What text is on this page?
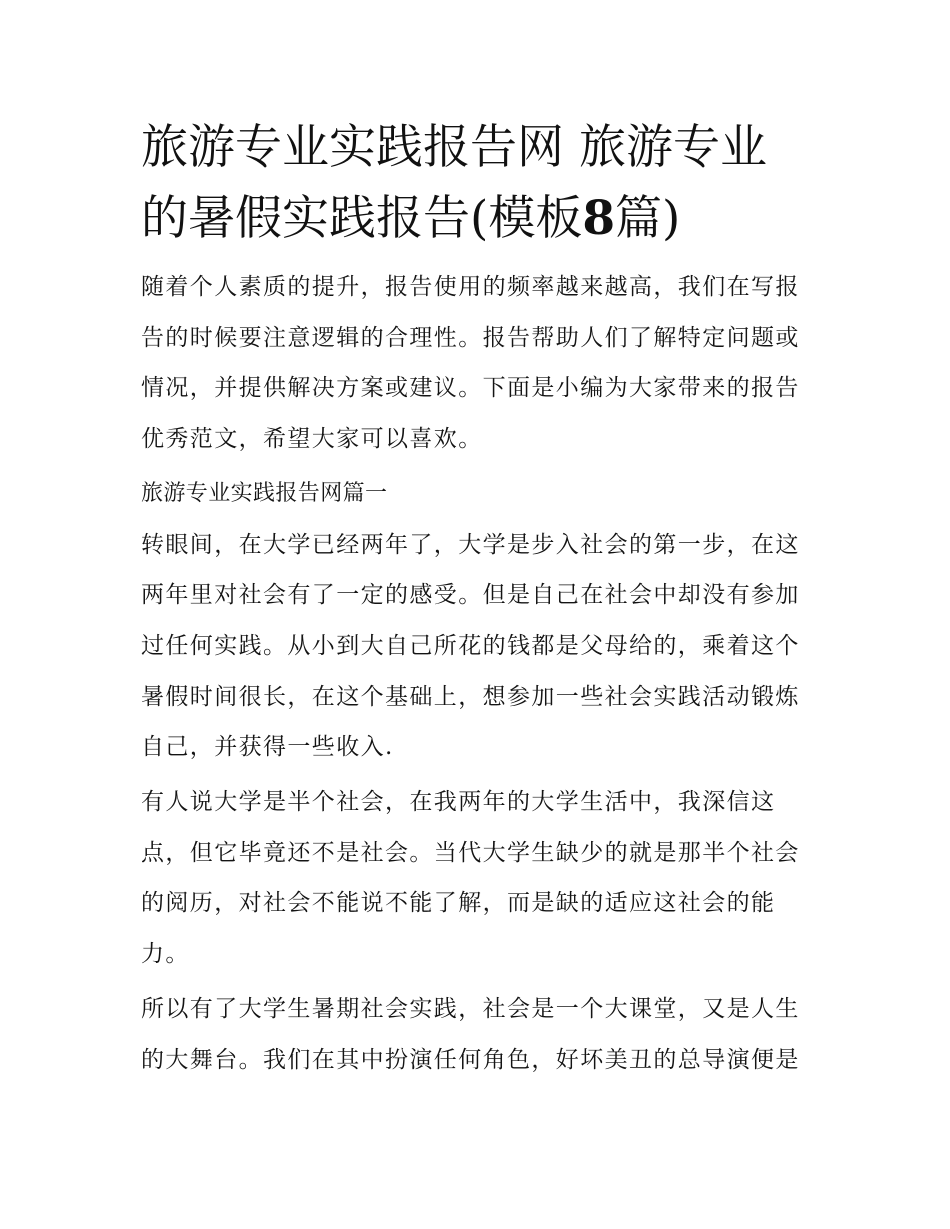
旅游专业实践报告网 旅游专业的暑假实践报告(模板8篇)

随着个人素质的提升，报告使用的频率越来越高，我们在写报告的时候要注意逻辑的合理性。报告帮助人们了解特定问题或情况，并提供解决方案或建议。下面是小编为大家带来的报告优秀范文，希望大家可以喜欢。

旅游专业实践报告网篇一

转眼间，在大学已经两年了，大学是步入社会的第一步，在这两年里对社会有了一定的感受。但是自己在社会中却没有参加过任何实践。从小到大自己所花的钱都是父母给的，乘着这个暑假时间很长，在这个基础上，想参加一些社会实践活动锻炼自己，并获得一些收入.

有人说大学是半个社会，在我两年的大学生活中，我深信这点，但它毕竟还不是社会。当代大学生缺少的就是那半个社会的阅历，对社会不能说不能了解，而是缺的适应这社会的能力。

所以有了大学生暑期社会实践，社会是一个大课堂，又是人生的大舞台。我们在其中扮演任何角色，好坏美丑的总导演便是
